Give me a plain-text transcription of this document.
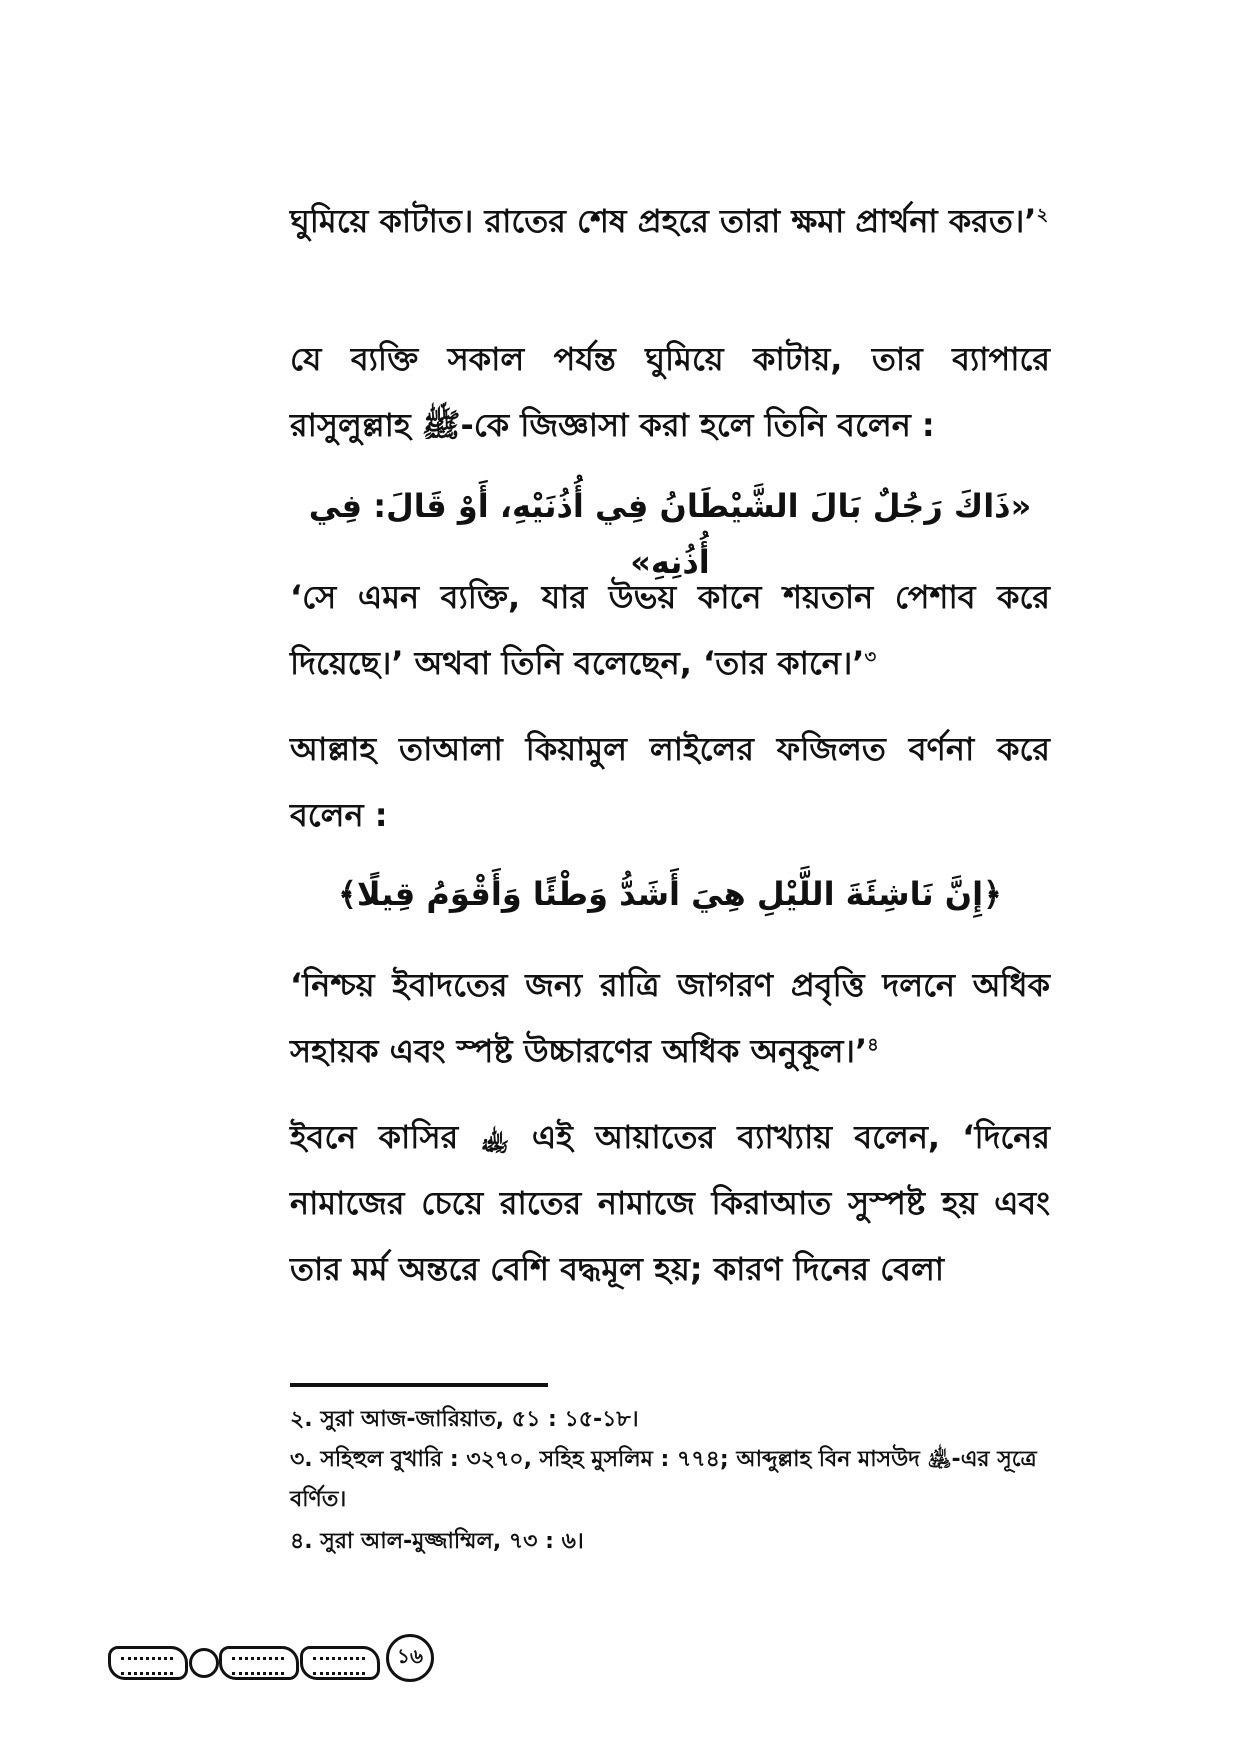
ঘুমিয়ে কাটাত। রাতের শেষ প্রহরে তারা ক্ষমা প্রার্থনা করত।’$^২$

যে ব্যক্তি সকাল পর্যন্ত ঘুমিয়ে কাটায়, তার ব্যাপারে রাসুলুল্লাহ ﷺ-কে জিজ্ঞাসা করা হলে তিনি বলেন :

«ذَاكَ رَجُلٌ بَالَ الشَّيْطَانُ فِي أُذُنَيْهِ، أَوْ قَالَ: فِي أُذُنِهِ»

‘সে এমন ব্যক্তি, যার উভয় কানে শয়তান পেশাব করে দিয়েছে।’ অথবা তিনি বলেছেন, ‘তার কানে।’$^৩$

আল্লাহ তাআলা কিয়ামুল লাইলের ফজিলত বর্ণনা করে বলেন :

﴿إِنَّ نَاشِئَةَ اللَّيْلِ هِيَ أَشَدُّ وَطْئًا وَأَقْوَمُ قِيلًا﴾

‘নিশ্চয় ইবাদতের জন্য রাত্রি জাগরণ প্রবৃত্তি দলনে অধিক সহায়ক এবং স্পষ্ট উচ্চারণের অধিক অনুকূল।’$^৪$

ইবনে কাসির ﵀ এই আয়াতের ব্যাখ্যায় বলেন, ‘দিনের নামাজের চেয়ে রাতের নামাজে কিরাআত সুস্পষ্ট হয় এবং তার মর্ম অন্তরে বেশি বদ্ধমূল হয়; কারণ দিনের বেলা

২. সুরা আজ-জারিয়াত, ৫১ : ১৫-১৮।

৩. সহিহুল বুখারি : ৩২৭০, সহিহ মুসলিম : ৭৭৪; আব্দুল্লাহ বিন মাসউদ ﵁-এর সূত্রে বর্ণিত।

৪. সুরা আল-মুজ্জাম্মিল, ৭৩ : ৬।

১৬
